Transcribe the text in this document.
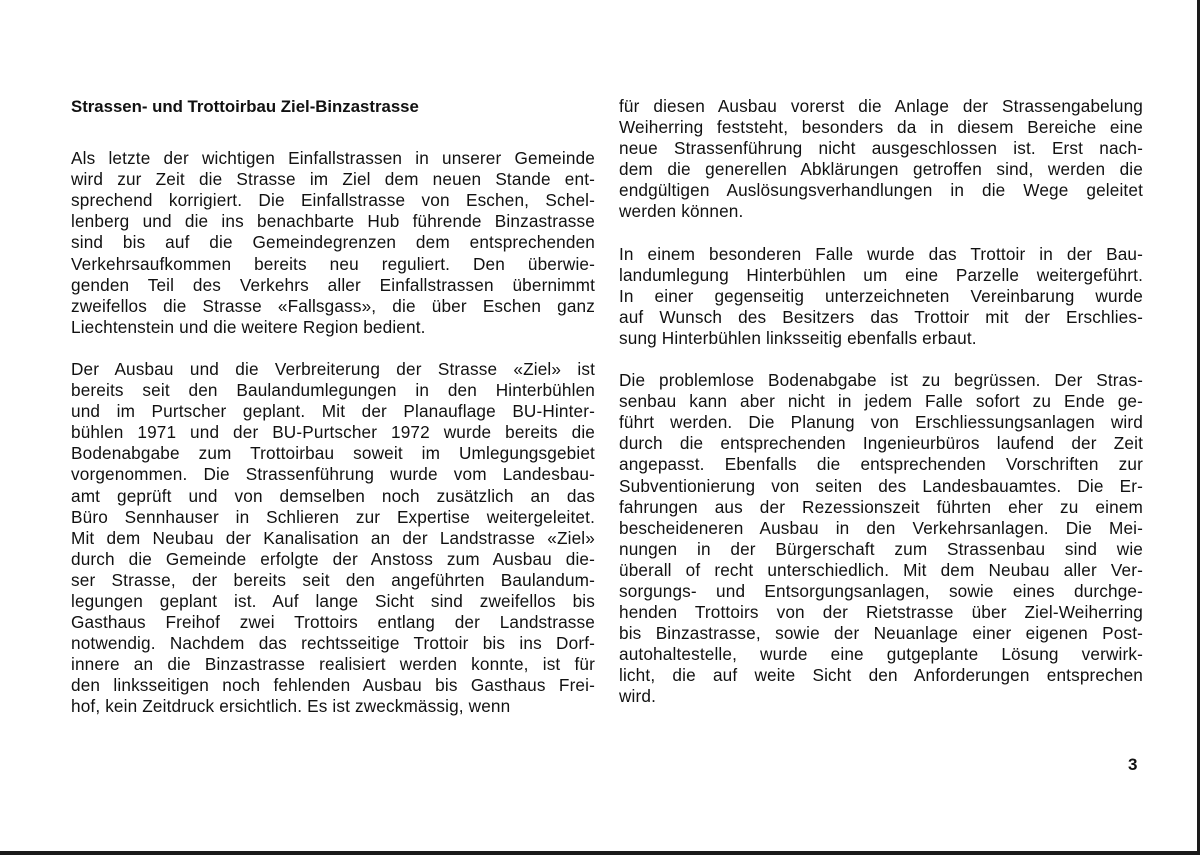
Strassen- und Trottoirbau Ziel-Binzastrasse
Als letzte der wichtigen Einfallstrassen in unserer Gemeinde
wird zur Zeit die Strasse im Ziel dem neuen Stande ent-
sprechend korrigiert. Die Einfallstrasse von Eschen, Schel-
lenberg und die ins benachbarte Hub führende Binzastrasse
sind bis auf die Gemeindegrenzen dem entsprechenden
Verkehrsaufkommen bereits neu reguliert. Den überwie-
genden Teil des Verkehrs aller Einfallstrassen übernimmt
zweifellos die Strasse «Fallsgass», die über Eschen ganz
Liechtenstein und die weitere Region bedient.
Der Ausbau und die Verbreiterung der Strasse «Ziel» ist
bereits seit den Baulandumlegungen in den Hinterbühlen
und im Purtscher geplant. Mit der Planauflage BU-Hinter-
bühlen 1971 und der BU-Purtscher 1972 wurde bereits die
Bodenabgabe zum Trottoirbau soweit im Umlegungsgebiet
vorgenommen. Die Strassenführung wurde vom Landesbau-
amt geprüft und von demselben noch zusätzlich an das
Büro Sennhauser in Schlieren zur Expertise weitergeleitet.
Mit dem Neubau der Kanalisation an der Landstrasse «Ziel»
durch die Gemeinde erfolgte der Anstoss zum Ausbau die-
ser Strasse, der bereits seit den angeführten Baulandum-
legungen geplant ist. Auf lange Sicht sind zweifellos bis
Gasthaus Freihof zwei Trottoirs entlang der Landstrasse
notwendig. Nachdem das rechtsseitige Trottoir bis ins Dorf-
innere an die Binzastrasse realisiert werden konnte, ist für
den linksseitigen noch fehlenden Ausbau bis Gasthaus Frei-
hof, kein Zeitdruck ersichtlich. Es ist zweckmässig, wenn
für diesen Ausbau vorerst die Anlage der Strassengabelung
Weiherring feststeht, besonders da in diesem Bereiche eine
neue Strassenführung nicht ausgeschlossen ist. Erst nach-
dem die generellen Abklärungen getroffen sind, werden die
endgültigen Auslösungsverhandlungen in die Wege geleitet
werden können.
In einem besonderen Falle wurde das Trottoir in der Bau-
landumlegung Hinterbühlen um eine Parzelle weitergeführt.
In einer gegenseitig unterzeichneten Vereinbarung wurde
auf Wunsch des Besitzers das Trottoir mit der Erschlies-
sung Hinterbühlen linksseitig ebenfalls erbaut.
Die problemlose Bodenabgabe ist zu begrüssen. Der Stras-
senbau kann aber nicht in jedem Falle sofort zu Ende ge-
führt werden. Die Planung von Erschliessungsanlagen wird
durch die entsprechenden Ingenieurbüros laufend der Zeit
angepasst. Ebenfalls die entsprechenden Vorschriften zur
Subventionierung von seiten des Landesbauamtes. Die Er-
fahrungen aus der Rezessionszeit führten eher zu einem
bescheideneren Ausbau in den Verkehrsanlagen. Die Mei-
nungen in der Bürgerschaft zum Strassenbau sind wie
überall of recht unterschiedlich. Mit dem Neubau aller Ver-
sorgungs- und Entsorgungsanlagen, sowie eines durchge-
henden Trottoirs von der Rietstrasse über Ziel-Weiherring
bis Binzastrasse, sowie der Neuanlage einer eigenen Post-
autohaltestelle, wurde eine gutgeplante Lösung verwirk-
licht, die auf weite Sicht den Anforderungen entsprechen
wird.
3
